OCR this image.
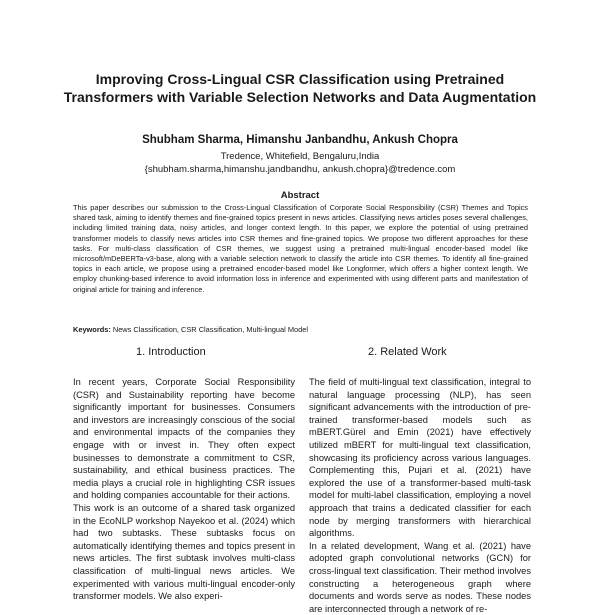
Improving Cross-Lingual CSR Classification using Pretrained Transformers with Variable Selection Networks and Data Augmentation
Shubham Sharma, Himanshu Janbandhu, Ankush Chopra
Tredence, Whitefield, Bengaluru,India
{shubham.sharma,himanshu.jandbandhu, ankush.chopra}@tredence.com
Abstract
This paper describes our submission to the Cross-Lingual Classification of Corporate Social Responsibility (CSR) Themes and Topics shared task, aiming to identify themes and fine-grained topics present in news articles. Classifying news articles poses several challenges, including limited training data, noisy articles, and longer context length. In this paper, we explore the potential of using pretrained transformer models to classify news articles into CSR themes and fine-grained topics. We propose two different approaches for these tasks. For multi-class classification of CSR themes, we suggest using a pretrained multi-lingual encoder-based model like microsoft/mDeBERTa-v3-base, along with a variable selection network to classify the article into CSR themes. To identify all fine-grained topics in each article, we propose using a pretrained encoder-based model like Longformer, which offers a higher context length. We employ chunking-based inference to avoid information loss in inference and experimented with using different parts and manifestation of original article for training and inference.
Keywords: News Classification, CSR Classification, Multi-lingual Model
1. Introduction	2. Related Work

In recent years, Corporate Social Responsibility (CSR) and Sustainability reporting have become significantly important for businesses. Consumers and investors are increasingly conscious of the social and environmental impacts of the companies they engage with or invest in. They often expect businesses to demonstrate a commitment to CSR, sustainability, and ethical business practices. The media plays a crucial role in highlighting CSR issues and holding companies accountable for their actions.

This work is an outcome of a shared task organized in the EcoNLP workshop Nayekoo et al. (2024) which had two subtasks. These subtasks focus on automatically identifying themes and topics present in news articles. The first subtask involves multi-class classification of multi-lingual news articles. We experimented with various multi-lingual encoder-only transformer models. We also experi-

The field of multi-lingual text classification, integral to natural language processing (NLP), has seen significant advancements with the introduction of pre-trained transformer-based models such as mBERT.Gürel and Emin (2021) have effectively utilized mBERT for multi-lingual text classification, showcasing its proficiency across various languages. Complementing this, Pujari et al. (2021) have explored the use of a transformer-based multi-task model for multi-label classification, employing a novel approach that trains a dedicated classifier for each node by merging transformers with hierarchical algorithms.

In a related development, Wang et al. (2021) have adopted graph convolutional networks (GCN) for cross-lingual text classification. Their method involves constructing a heterogeneous graph where documents and words serve as nodes. These nodes are interconnected through a network of re-
